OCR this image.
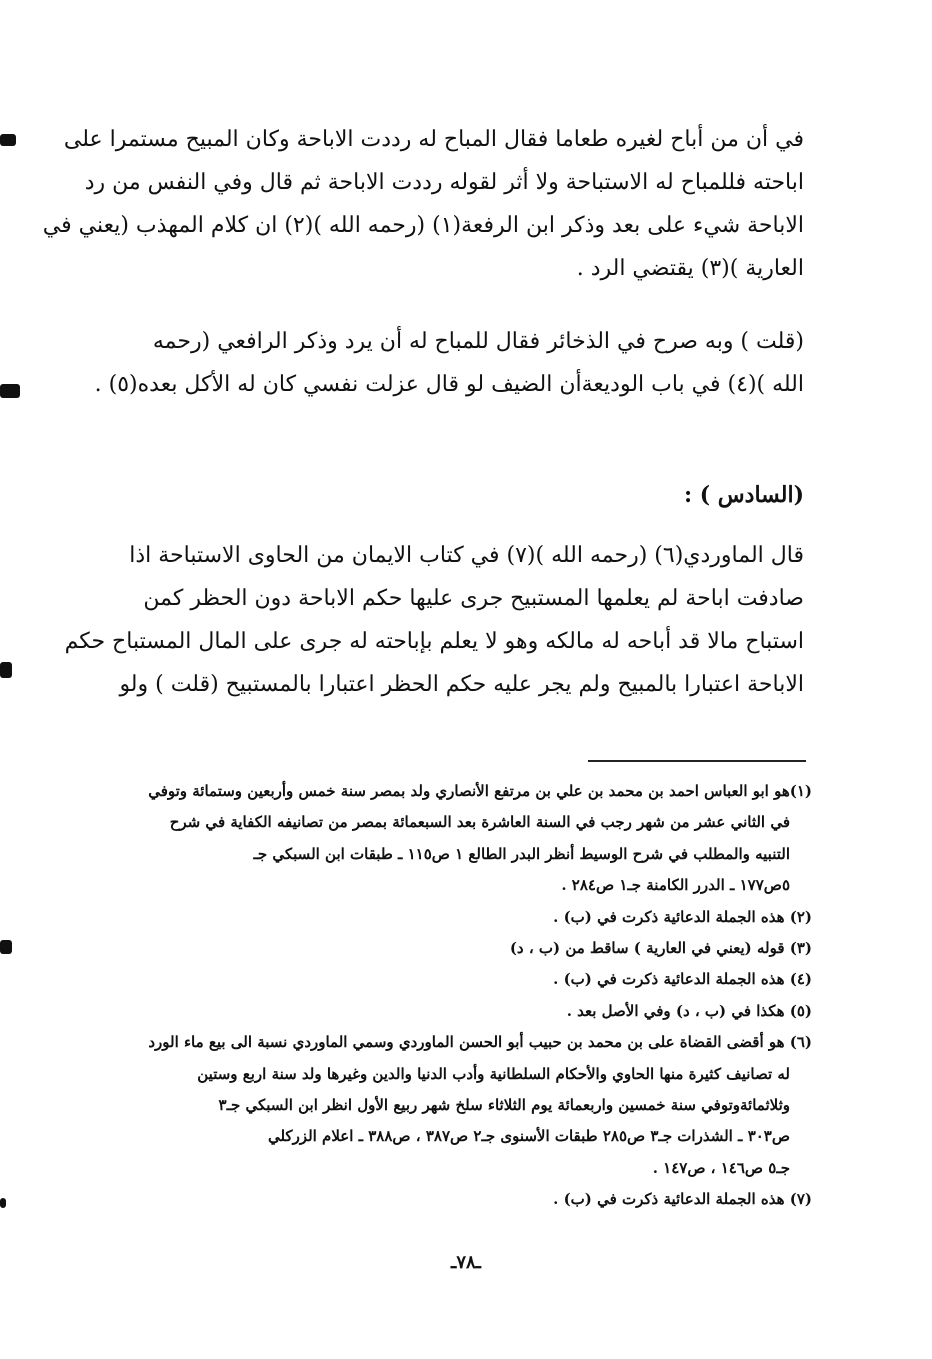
في أن من أباح لغيره طعاما فقال المباح له رددت الاباحة وكان المبيح مستمرا على
اباحته فللمباح له الاستباحة ولا أثر لقوله رددت الاباحة ثم قال وفي النفس من رد
الاباحة شيء على بعد وذكر ابن الرفعة(١) (رحمه الله )(٢) ان كلام المهذب (يعني في
العارية )(٣) يقتضي الرد .
(قلت ) وبه صرح في الذخائر فقال للمباح له أن يرد وذكر الرافعي (رحمه
الله )(٤) في باب الوديعةأن الضيف لو قال عزلت نفسي كان له الأكل بعده(٥) .
(السادس ) :
قال الماوردي(٦) (رحمه الله )(٧) في كتاب الايمان من الحاوى الاستباحة اذا
صادفت اباحة لم يعلمها المستبيح جرى عليها حكم الاباحة دون الحظر كمن
استباح مالا قد أباحه له مالكه وهو لا يعلم بإباحته له جرى على المال المستباح حكم
الاباحة اعتبارا بالمبيح ولم يجر عليه حكم الحظر اعتبارا بالمستبيح (قلت ) ولو
(١)هو ابو العباس احمد بن محمد بن علي بن مرتفع الأنصاري ولد بمصر سنة خمس وأربعين وستمائة وتوفي
في الثاني عشر من شهر رجب في السنة العاشرة بعد السبعمائة بمصر من تصانيفه الكفاية في شرح
التنبيه والمطلب في شرح الوسيط أنظر البدر الطالع ١ ص١١٥ ـ طبقات ابن السبكي جـ
٥ص١٧٧ ـ الدرر الكامنة جـ١ ص٢٨٤ .
(٢) هذه الجملة الدعائية ذكرت في (ب) .
(٣) قوله (يعني في العارية ) ساقط من (ب ، د)
(٤) هذه الجملة الدعائية ذكرت في (ب) .
(٥) هكذا في (ب ، د) وفي الأصل بعد .
(٦) هو أقضى القضاة على بن محمد بن حبيب أبو الحسن الماوردي وسمي الماوردي نسبة الى بيع ماء الورد
له تصانيف كثيرة منها الحاوي والأحكام السلطانية وأدب الدنيا والدين وغيرها ولد سنة اربع وستين
وثلاثمائةوتوفي سنة خمسين واربعمائة يوم الثلاثاء سلخ شهر ربيع الأول انظر ابن السبكي جـ٣
ص٣٠٣ ـ الشذرات جـ٣ ص٢٨٥ طبقات الأسنوى جـ٢ ص٣٨٧ ، ص٣٨٨ ـ اعلام الزركلي
جـ٥ ص١٤٦ ، ص١٤٧ .
(٧) هذه الجملة الدعائية ذكرت في (ب) .
ـ٧٨ـ
